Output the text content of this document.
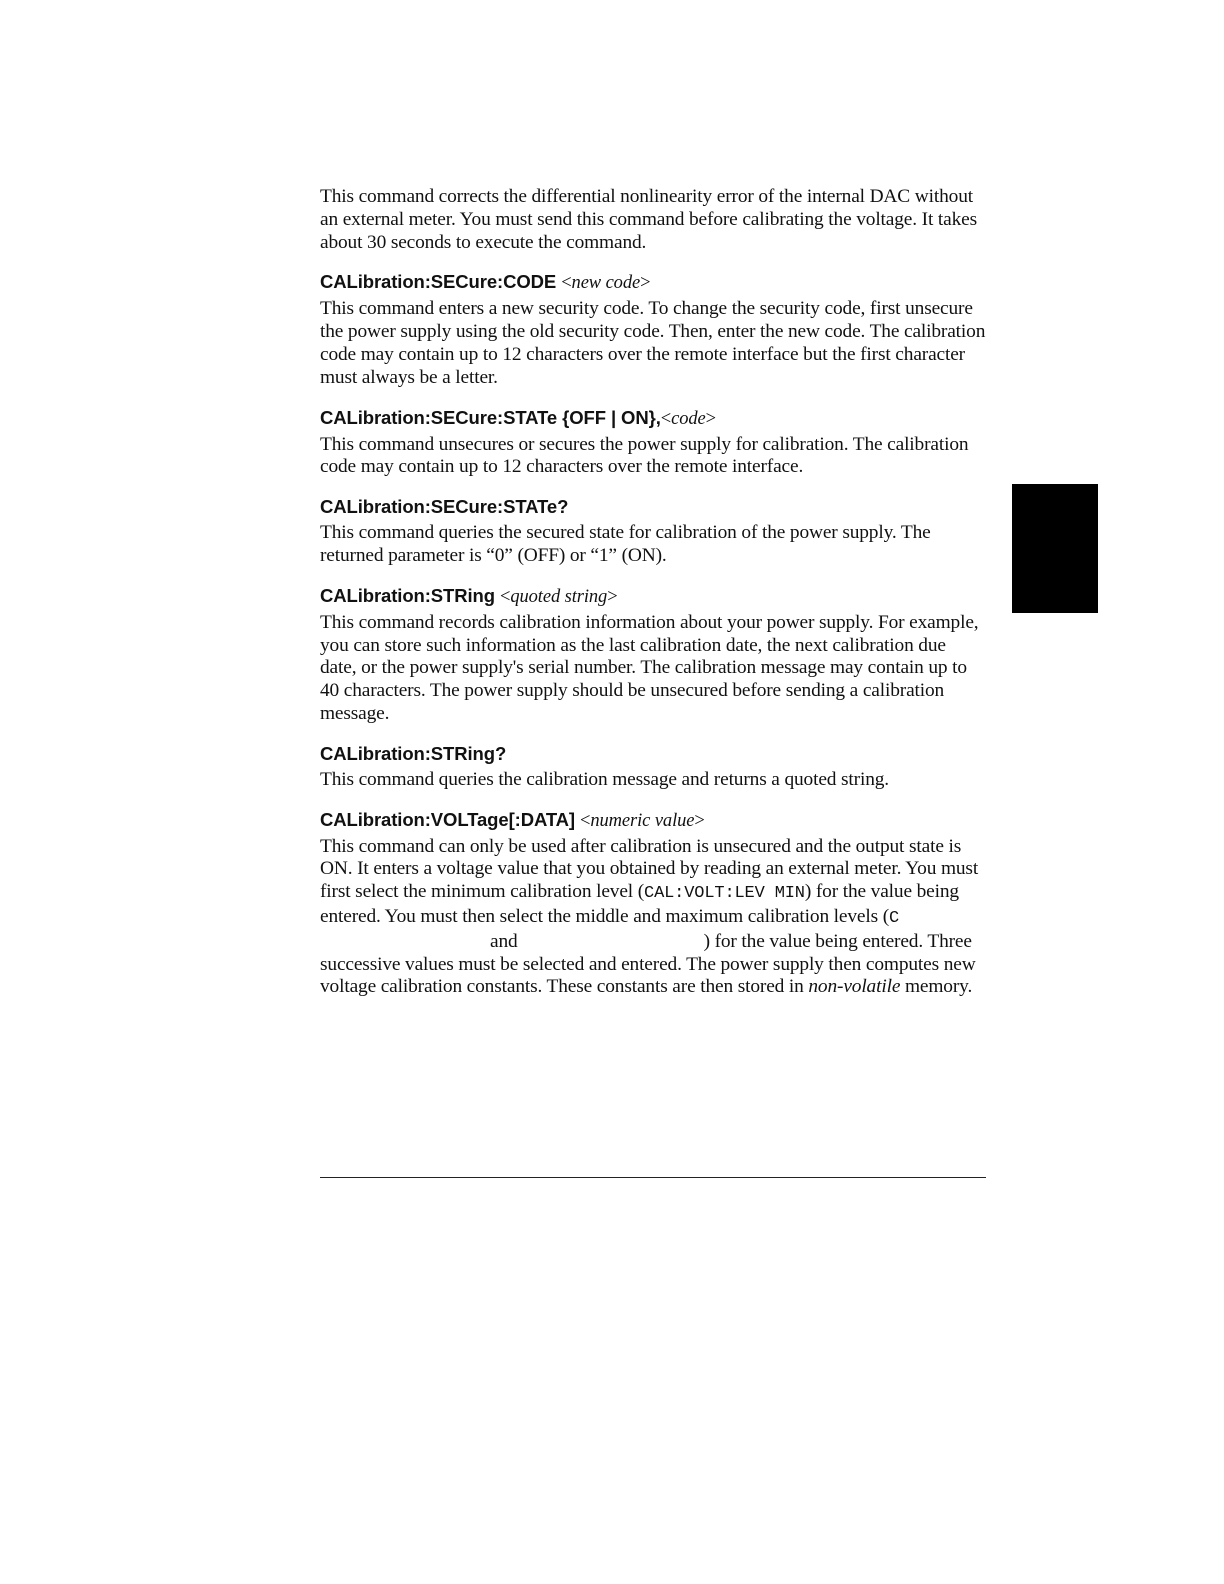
This command corrects the differential nonlinearity error of the internal DAC without an external meter. You must send this command before calibrating the voltage. It takes about 30 seconds to execute the command.

CALibration:SECure:CODE <new code>

This command enters a new security code. To change the security code, first unsecure the power supply using the old security code. Then, enter the new code. The calibration code may contain up to 12 characters over the remote interface but the first character must always be a letter.

CALibration:SECure:STATe {OFF | ON},<code>

This command unsecures or secures the power supply for calibration. The calibration code may contain up to 12 characters over the remote interface.

CALibration:SECure:STATe?

This command queries the secured state for calibration of the power supply. The returned parameter is “0” (OFF) or “1” (ON).

CALibration:STRing <quoted string>

This command records calibration information about your power supply. For example, you can store such information as the last calibration date, the next calibration due date, or the power supply's serial number. The calibration message may contain up to 40 characters. The power supply should be unsecured before sending a calibration message.

CALibration:STRing?

This command queries the calibration message and returns a quoted string.

CALibration:VOLTage[:DATA] <numeric value>

This command can only be used after calibration is unsecured and the output state is ON. It enters a voltage value that you obtained by reading an external meter. You must first select the minimum calibration level (CAL:VOLT:LEV MIN) for the value being entered. You must then select the middle and maximum calibration levels (Cand	) for the value being entered. Three successive values must be selected and entered. The power supply then computes new voltage calibration constants. These constants are then stored in non-volatile memory.
